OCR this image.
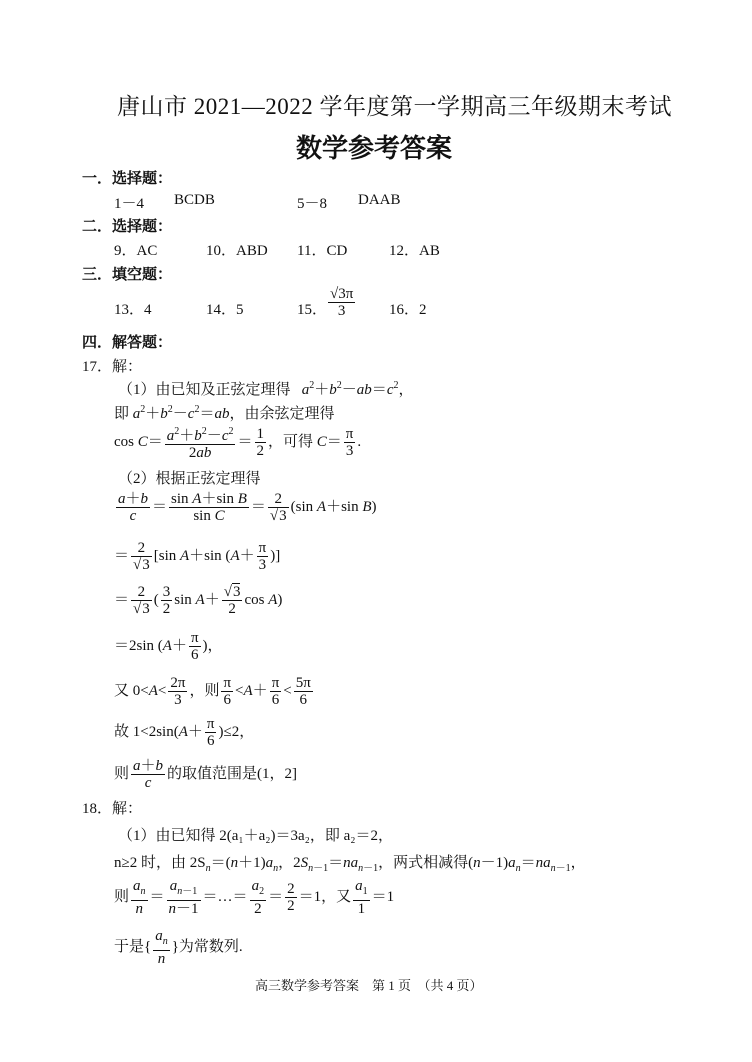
唐山市 2021—2022 学年度第一学期高三年级期末考试
数学参考答案
一．选择题：
1－4 BCDB	5－8 DAAB
二．选择题：
9．AC	10．ABD 11．CD	12．AB
三．填空题：
13．4	14．5	15． $\frac{√3\pi}{3} 16$．2
四．解答题：
17．解：
（1）由已知及正弦定理得 $a^2+b^2-ab=c^2$，
即 $a^2+b^2-c^2=ab$，由余弦定理得
$\cos C= \frac{a^2+b^2-c^2}{2ab} = \frac{1}{2}$ ，可得 $C= \frac{\pi}{3}$ .
（2）根据正弦定理得
$\frac{a+b}{c} = \frac{\text{sin A＋sin B}}{\text{sin C}} = \frac{2}{√3} (\sin$ A＋sin B)
＝ $\frac{2}{√3} [\sin$ A＋sin ($A+ \frac{\pi}{3}$ )]
＝ $\frac{2}{√3}$ ( $\frac{3}{2}$ $\sin A+ \frac{√3}{2}$ cos A)
＝2sin ($A+ \frac{\pi}{6}$ )，
又 $0<A< \frac{2\pi}{3}$ ，则 $\frac{\pi}{6} <A+ \frac{\pi}{6} < \frac{5\pi}{6}$
故 $1<2\sin(A+ \frac{\pi}{6} )\le 2$，
则 $\frac{a+b}{c}$ 的取值范围是(1，2]
18．解：
（1）由已知得 2(a₁＋a₂)＝3a₂，即 a₂＝2，
n≥2 时，由 $2S_n=(n+1)a_n$，$2S_{n-1}=na_{n-1}$，两式相减得$(n-1)a_n=na_{n-1}$，
则 $\frac{a_n}{n} = \frac{a_{n-1}}{n-1}$ ＝…＝ $\frac{a_2}{2} = \frac{2}{2} =1$，又 $\frac{a_1}{1} =1$
于是{ $\frac{a_n}{n}$ }为常数列.
高三数学参考答案　第 1 页　（共 4 页）
